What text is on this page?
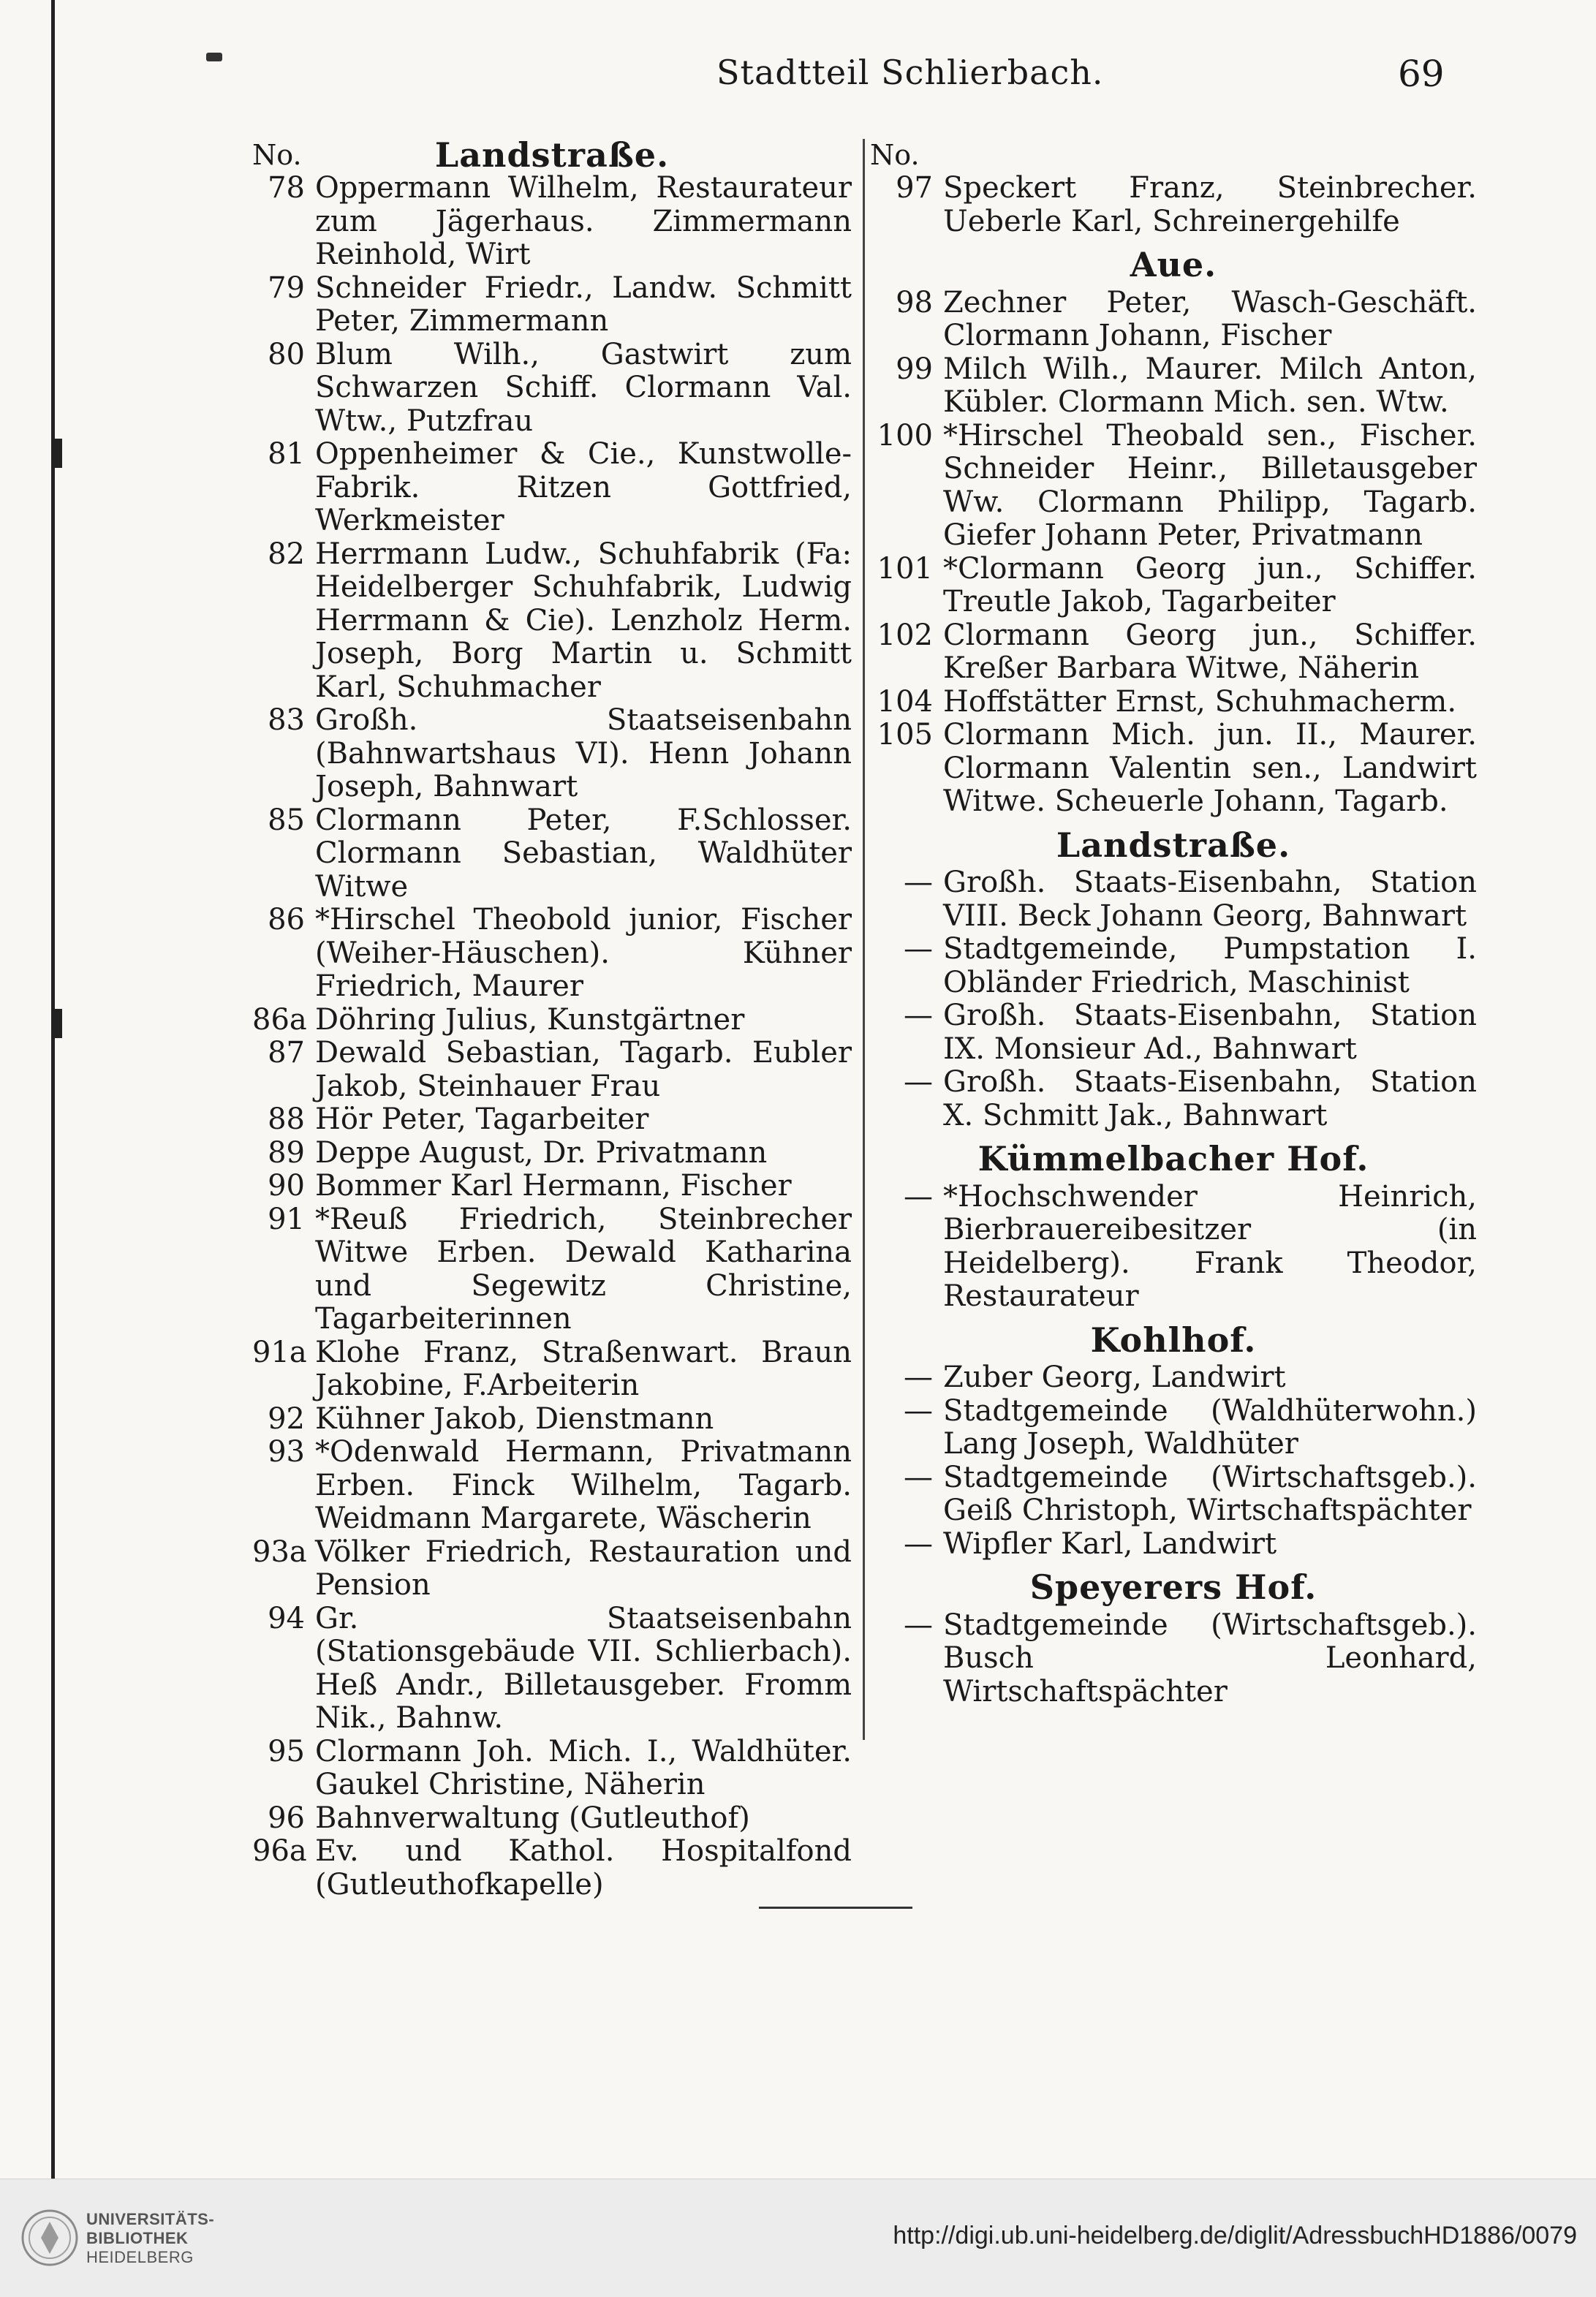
Stadtteil Schlierbach.	69
No.	Landstraße.
78 Oppermann Wilhelm, Restaurateur zum Jägerhaus. Zimmermann Reinhold, Wirt
79 Schneider Friedr., Landw. Schmitt Peter, Zimmermann
80 Blum Wilh., Gastwirt zum Schwarzen Schiff. Clormann Val. Wtw., Putzfrau
81 Oppenheimer & Cie., Kunstwolle-Fabrik. Ritzen Gottfried, Werkmeister
82 Herrmann Ludw., Schuhfabrik (Fa: Heidelberger Schuhfabrik, Ludwig Herrmann & Cie). Lenzholz Herm. Joseph, Borg Martin u. Schmitt Karl, Schuhmacher
83 Großh. Staatseisenbahn (Bahnwartshaus VI). Henn Johann Joseph, Bahnwart
85 Clormann Peter, F.Schlosser. Clormann Sebastian, Waldhüter Witwe
86 *Hirschel Theobold junior, Fischer (Weiher-Häuschen). Kühner Friedrich, Maurer
86a Döhring Julius, Kunstgärtner
87 Dewald Sebastian, Tagarb. Eubler Jakob, Steinhauer Frau
88 Hör Peter, Tagarbeiter
89 Deppe August, Dr. Privatmann
90 Bommer Karl Hermann, Fischer
91 *Reuß Friedrich, Steinbrecher Witwe Erben. Dewald Katharina und Segewitz Christine, Tagarbeiterinnen
91a Klohe Franz, Straßenwart. Braun Jakobine, F.Arbeiterin
92 Kühner Jakob, Dienstmann
93 *Odenwald Hermann, Privatmann Erben. Finck Wilhelm, Tagarb. Weidmann Margarete, Wäscherin
93a Völker Friedrich, Restauration und Pension
94 Gr. Staatseisenbahn (Stationsgebäude VII. Schlierbach). Heß Andr., Billetausgeber. Fromm Nik., Bahnw.
95 Clormann Joh. Mich. I., Waldhüter. Gaukel Christine, Näherin
96 Bahnverwaltung (Gutleuthof)
96a Ev. und Kathol. Hospitalfond (Gutleuthofkapelle)
No.
97 Speckert Franz, Steinbrecher. Ueberle Karl, Schreinergehilfe
Aue.
98 Zechner Peter, Wasch-Geschäft. Clormann Johann, Fischer
99 Milch Wilh., Maurer. Milch Anton, Kübler. Clormann Mich. sen. Wtw.
100 *Hirschel Theobald sen., Fischer. Schneider Heinr., Billetausgeber Ww. Clormann Philipp, Tagarb. Giefer Johann Peter, Privatmann
101 *Clormann Georg jun., Schiffer. Treutle Jakob, Tagarbeiter
102 Clormann Georg jun., Schiffer. Kreßer Barbara Witwe, Näherin
104 Hoffstätter Ernst, Schuhmacherm.
105 Clormann Mich. jun. II., Maurer. Clormann Valentin sen., Landwirt Witwe. Scheuerle Johann, Tagarb.
Landstraße.
— Großh. Staats-Eisenbahn, Station VIII. Beck Johann Georg, Bahnwart
— Stadtgemeinde, Pumpstation I. Obländer Friedrich, Maschinist
— Großh. Staats-Eisenbahn, Station IX. Monsieur Ad., Bahnwart
— Großh. Staats-Eisenbahn, Station X. Schmitt Jak., Bahnwart
Kümmelbacher Hof.
— *Hochschwender Heinrich, Bierbrauereibesitzer (in Heidelberg). Frank Theodor, Restaurateur
Kohlhof.
— Zuber Georg, Landwirt
— Stadtgemeinde (Waldhüterwohn.) Lang Joseph, Waldhüter
— Stadtgemeinde (Wirtschaftsgeb.). Geiß Christoph, Wirtschaftspächter
— Wipfler Karl, Landwirt
Speyerers Hof.
— Stadtgemeinde (Wirtschaftsgeb.). Busch Leonhard, Wirtschaftspächter
UNIVERSITÄTS-
BIBLIOTHEK
HEIDELBERG
http://digi.ub.uni-heidelberg.de/diglit/AdressbuchHD1886/0079
